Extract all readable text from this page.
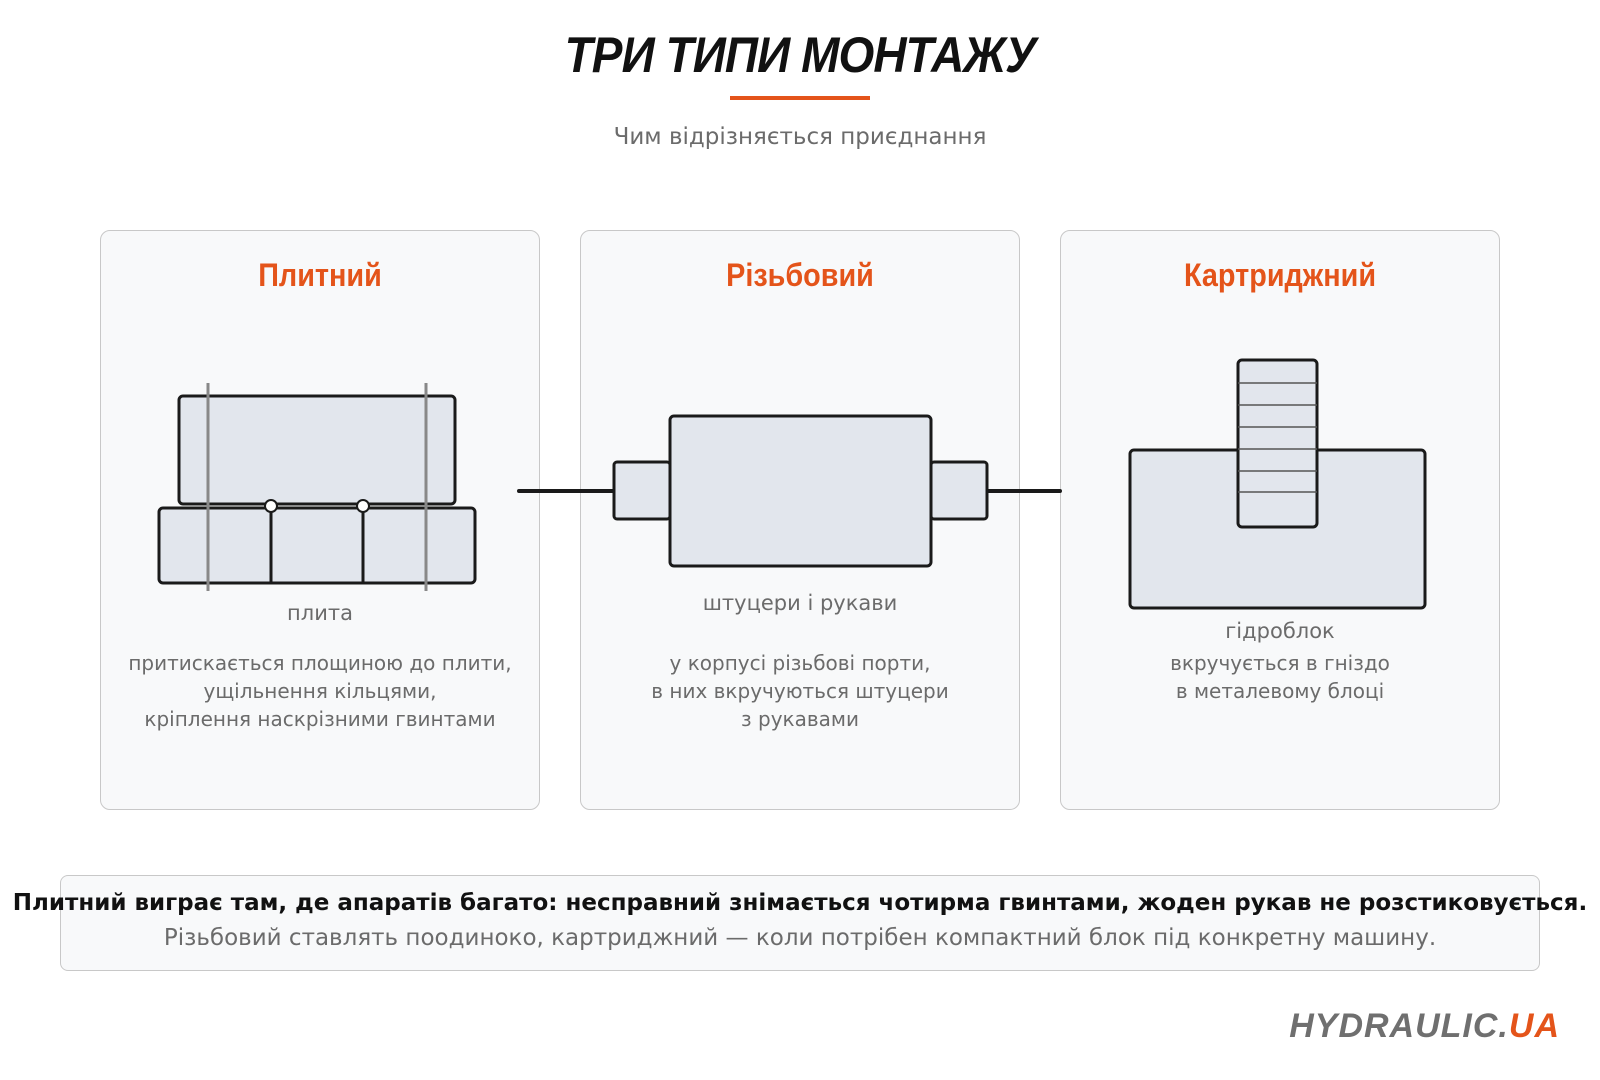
ТРИ ТИПИ МОНТАЖУ
Чим відрізняється приєднання
Плитний
плита
притискається площиною до плити,
ущільнення кільцями,
кріплення наскрізними гвинтами
Різьбовий
штуцери і рукави
у корпусі різьбові порти,
в них вкручуються штуцери
з рукавами
Картриджний
гідроблок
вкручується в гніздо
в металевому блоці
Плитний виграє там, де апаратів багато: несправний знімається чотирма гвинтами, жоден рукав не розстиковується.
Різьбовий ставлять поодиноко, картриджний — коли потрібен компактний блок під конкретну машину.
HYDRAULIC.UA
